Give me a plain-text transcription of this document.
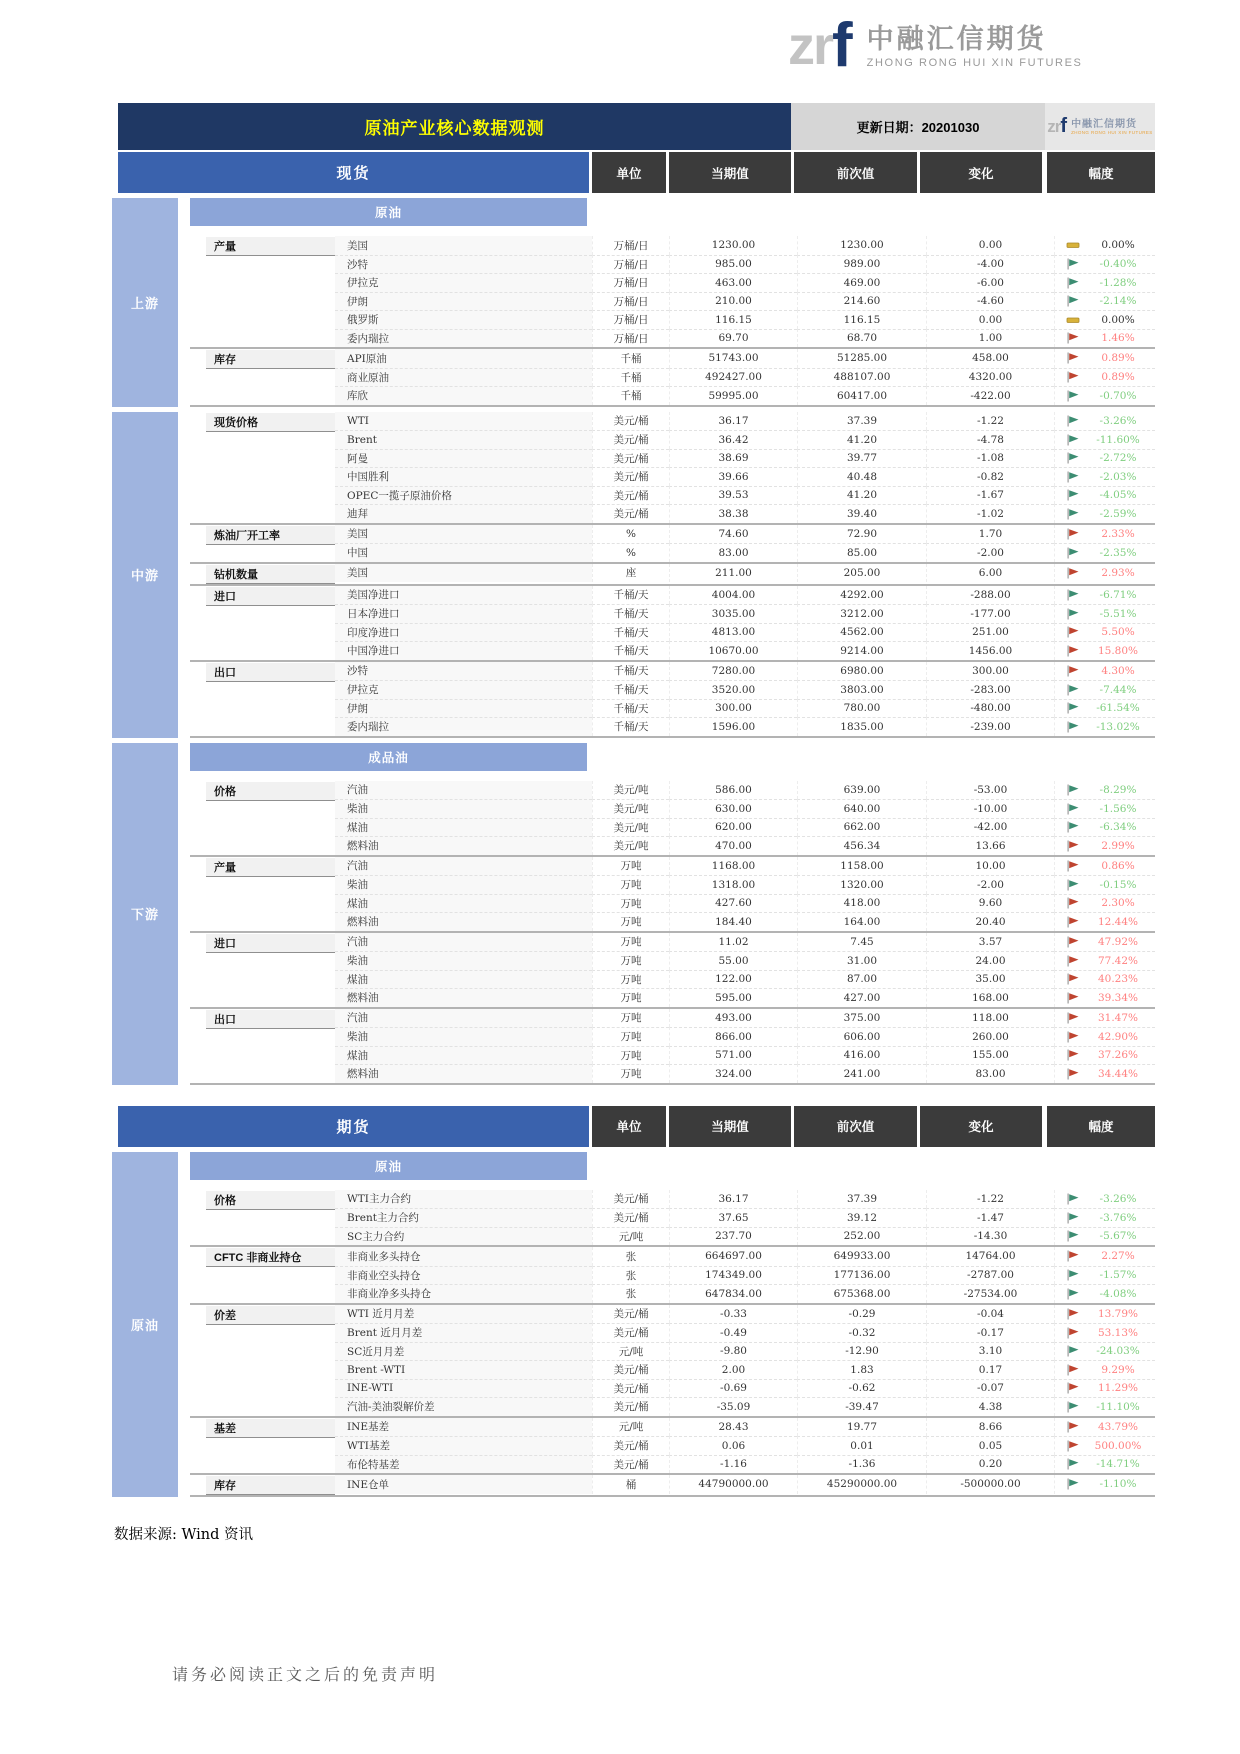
zr f 中融汇信期货
ZHONG RONG HUI XIN FUTURES
原油产业核心数据观测	更新日期：20201030	zr f 中融汇信期货
ZHONG RONG HUI XIN FUTURES
现货	单位	当期值	前次值	变化	幅度
上游
原油
产量	美国	万桶/日	1230.00	1230.00	0.00	0.00%
沙特	万桶/日	985.00	989.00	-4.00	-0.40%
伊拉克	万桶/日	463.00	469.00	-6.00	-1.28%
伊朗	万桶/日	210.00	214.60	-4.60	-2.14%
俄罗斯	万桶/日	116.15	116.15	0.00	0.00%
委内瑞拉	万桶/日	69.70	68.70	1.00	1.46%
库存	API原油	千桶	51743.00	51285.00	458.00	0.89%
商业原油	千桶	492427.00	488107.00	4320.00	0.89%
库欣	千桶	59995.00	60417.00	-422.00	-0.70%
中游
现货价格	WTI	美元/桶	36.17	37.39	-1.22	-3.26%
Brent	美元/桶	36.42	41.20	-4.78	-11.60%
阿曼	美元/桶	38.69	39.77	-1.08	-2.72%
中国胜利	美元/桶	39.66	40.48	-0.82	-2.03%
OPEC一揽子原油价格	美元/桶	39.53	41.20	-1.67	-4.05%
迪拜	美元/桶	38.38	39.40	-1.02	-2.59%
炼油厂开工率	美国	%	74.60	72.90	1.70	2.33%
中国	%	83.00	85.00	-2.00	-2.35%
钻机数量	美国	座	211.00	205.00	6.00	2.93%
进口	美国净进口	千桶/天	4004.00	4292.00	-288.00	-6.71%
日本净进口	千桶/天	3035.00	3212.00	-177.00	-5.51%
印度净进口	千桶/天	4813.00	4562.00	251.00	5.50%
中国净进口	千桶/天	10670.00	9214.00	1456.00	15.80%
出口	沙特	千桶/天	7280.00	6980.00	300.00	4.30%
伊拉克	千桶/天	3520.00	3803.00	-283.00	-7.44%
伊朗	千桶/天	300.00	780.00	-480.00	-61.54%
委内瑞拉	千桶/天	1596.00	1835.00	-239.00	-13.02%
下游
成品油
价格	汽油	美元/吨	586.00	639.00	-53.00	-8.29%
柴油	美元/吨	630.00	640.00	-10.00	-1.56%
煤油	美元/吨	620.00	662.00	-42.00	-6.34%
燃料油	美元/吨	470.00	456.34	13.66	2.99%
产量	汽油	万吨	1168.00	1158.00	10.00	0.86%
柴油	万吨	1318.00	1320.00	-2.00	-0.15%
煤油	万吨	427.60	418.00	9.60	2.30%
燃料油	万吨	184.40	164.00	20.40	12.44%
进口	汽油	万吨	11.02	7.45	3.57	47.92%
柴油	万吨	55.00	31.00	24.00	77.42%
煤油	万吨	122.00	87.00	35.00	40.23%
燃料油	万吨	595.00	427.00	168.00	39.34%
出口	汽油	万吨	493.00	375.00	118.00	31.47%
柴油	万吨	866.00	606.00	260.00	42.90%
煤油	万吨	571.00	416.00	155.00	37.26%
燃料油	万吨	324.00	241.00	83.00	34.44%
期货	单位	当期值	前次值	变化	幅度
原油
原油
价格	WTI主力合约	美元/桶	36.17	37.39	-1.22	-3.26%
Brent主力合约	美元/桶	37.65	39.12	-1.47	-3.76%
SC主力合约	元/吨	237.70	252.00	-14.30	-5.67%
CFTC 非商业持仓	非商业多头持仓	张	664697.00	649933.00	14764.00	2.27%
非商业空头持仓	张	174349.00	177136.00	-2787.00	-1.57%
非商业净多头持仓	张	647834.00	675368.00	-27534.00	-4.08%
价差	WTI 近月月差	美元/桶	-0.33	-0.29	-0.04	13.79%
Brent 近月月差	美元/桶	-0.49	-0.32	-0.17	53.13%
SC近月月差	元/吨	-9.80	-12.90	3.10	-24.03%
Brent -WTI	美元/桶	2.00	1.83	0.17	9.29%
INE-WTI	美元/桶	-0.69	-0.62	-0.07	11.29%
汽油-美油裂解价差	美元/桶	-35.09	-39.47	4.38	-11.10%
基差	INE基差	元/吨	28.43	19.77	8.66	43.79%
WTI基差	美元/桶	0.06	0.01	0.05	500.00%
布伦特基差	美元/桶	-1.16	-1.36	0.20	-14.71%
库存	INE仓单	桶	44790000.00	45290000.00	-500000.00	-1.10%
数据来源: Wind 资讯
请务必阅读正文之后的免责声明
